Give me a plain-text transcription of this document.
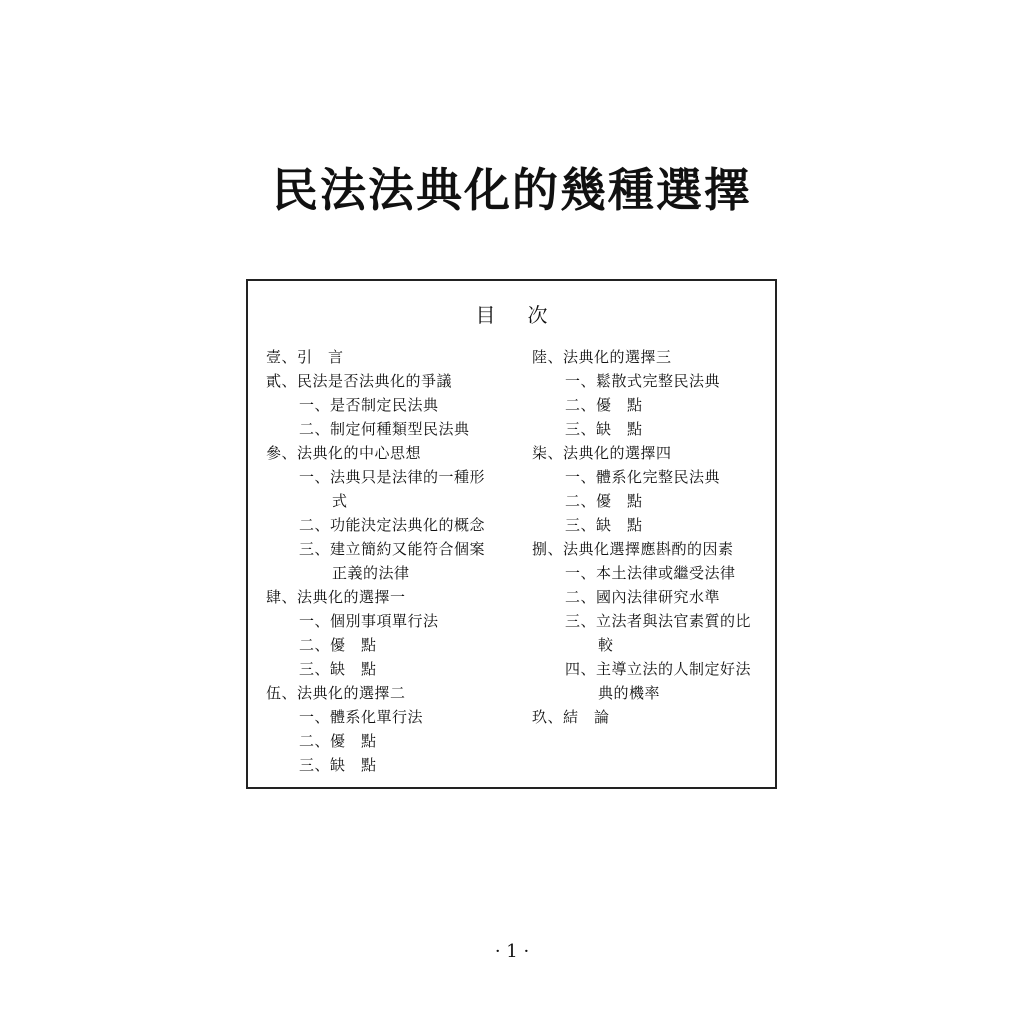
民法法典化的幾種選擇
目 次
壹、引　言
貳、民法是否法典化的爭議
一、是否制定民法典
二、制定何種類型民法典
參、法典化的中心思想
一、法典只是法律的一種形
式
二、功能決定法典化的概念
三、建立簡約又能符合個案
正義的法律
肆、法典化的選擇一
一、個別事項單行法
二、優　點
三、缺　點
伍、法典化的選擇二
一、體系化單行法
二、優　點
三、缺　點
陸、法典化的選擇三
一、鬆散式完整民法典
二、優　點
三、缺　點
柒、法典化的選擇四
一、體系化完整民法典
二、優　點
三、缺　點
捌、法典化選擇應斟酌的因素
一、本土法律或繼受法律
二、國內法律研究水準
三、立法者與法官素質的比
較
四、主導立法的人制定好法
典的機率
玖、結　論
· 1 ·
